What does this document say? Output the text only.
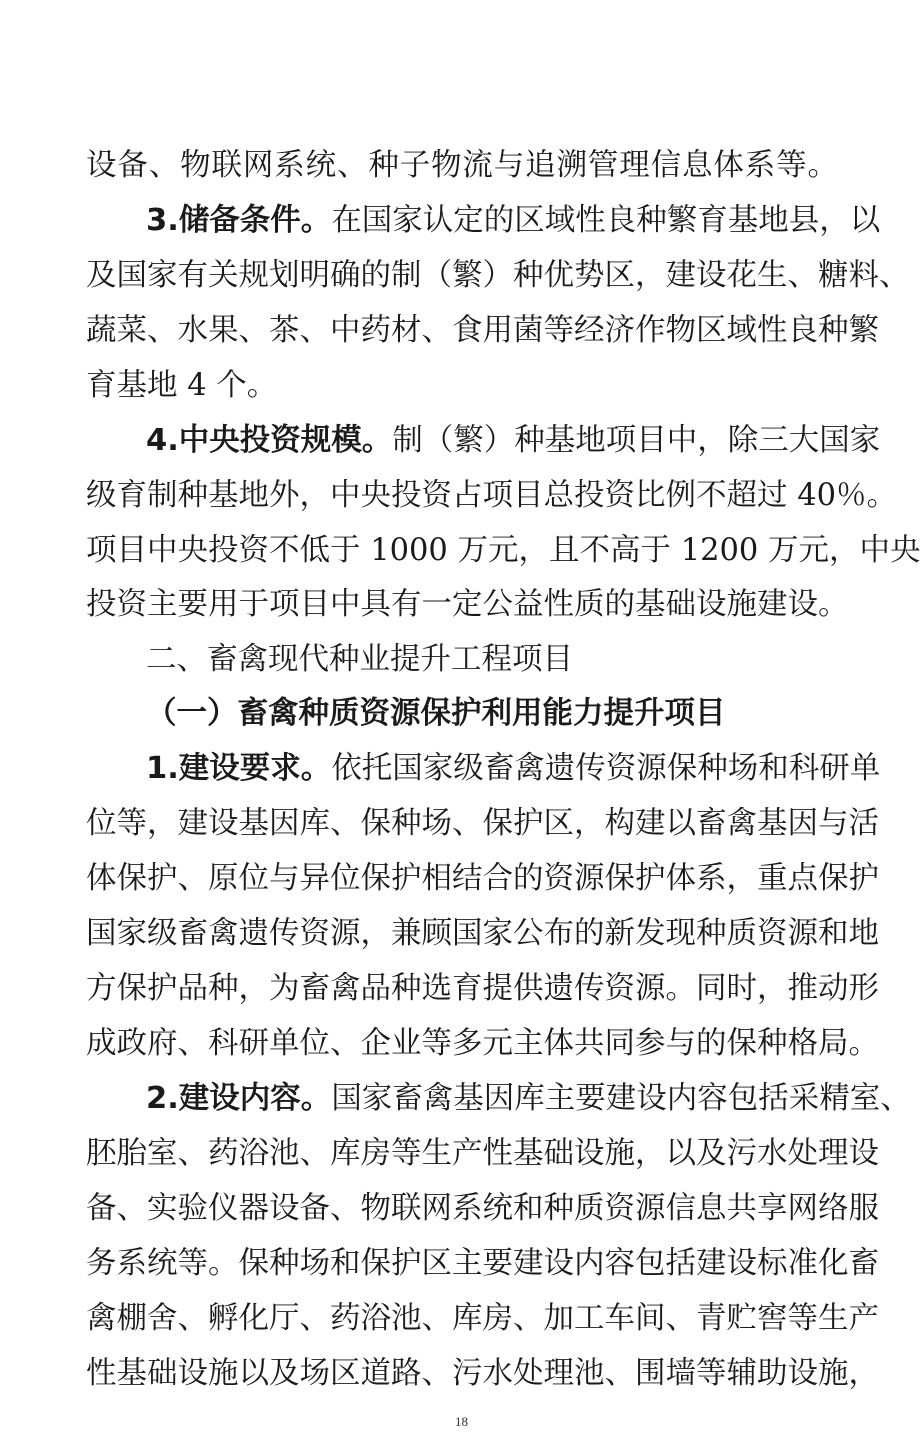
设备、物联网系统、种子物流与追溯管理信息体系等。
3.储备条件。在国家认定的区域性良种繁育基地县，以
及国家有关规划明确的制（繁）种优势区，建设花生、糖料、
蔬菜、水果、茶、中药材、食用菌等经济作物区域性良种繁
育基地 4 个。
4.中央投资规模。制（繁）种基地项目中，除三大国家
级育制种基地外，中央投资占项目总投资比例不超过 40％。
项目中央投资不低于 1000 万元，且不高于 1200 万元，中央
投资主要用于项目中具有一定公益性质的基础设施建设。
二、畜禽现代种业提升工程项目
（一）畜禽种质资源保护利用能力提升项目
1.建设要求。依托国家级畜禽遗传资源保种场和科研单
位等，建设基因库、保种场、保护区，构建以畜禽基因与活
体保护、原位与异位保护相结合的资源保护体系，重点保护
国家级畜禽遗传资源，兼顾国家公布的新发现种质资源和地
方保护品种，为畜禽品种选育提供遗传资源。同时，推动形
成政府、科研单位、企业等多元主体共同参与的保种格局。
2.建设内容。国家畜禽基因库主要建设内容包括采精室、
胚胎室、药浴池、库房等生产性基础设施，以及污水处理设
备、实验仪器设备、物联网系统和种质资源信息共享网络服
务系统等。保种场和保护区主要建设内容包括建设标准化畜
禽棚舍、孵化厅、药浴池、库房、加工车间、青贮窖等生产
性基础设施以及场区道路、污水处理池、围墙等辅助设施，
18
